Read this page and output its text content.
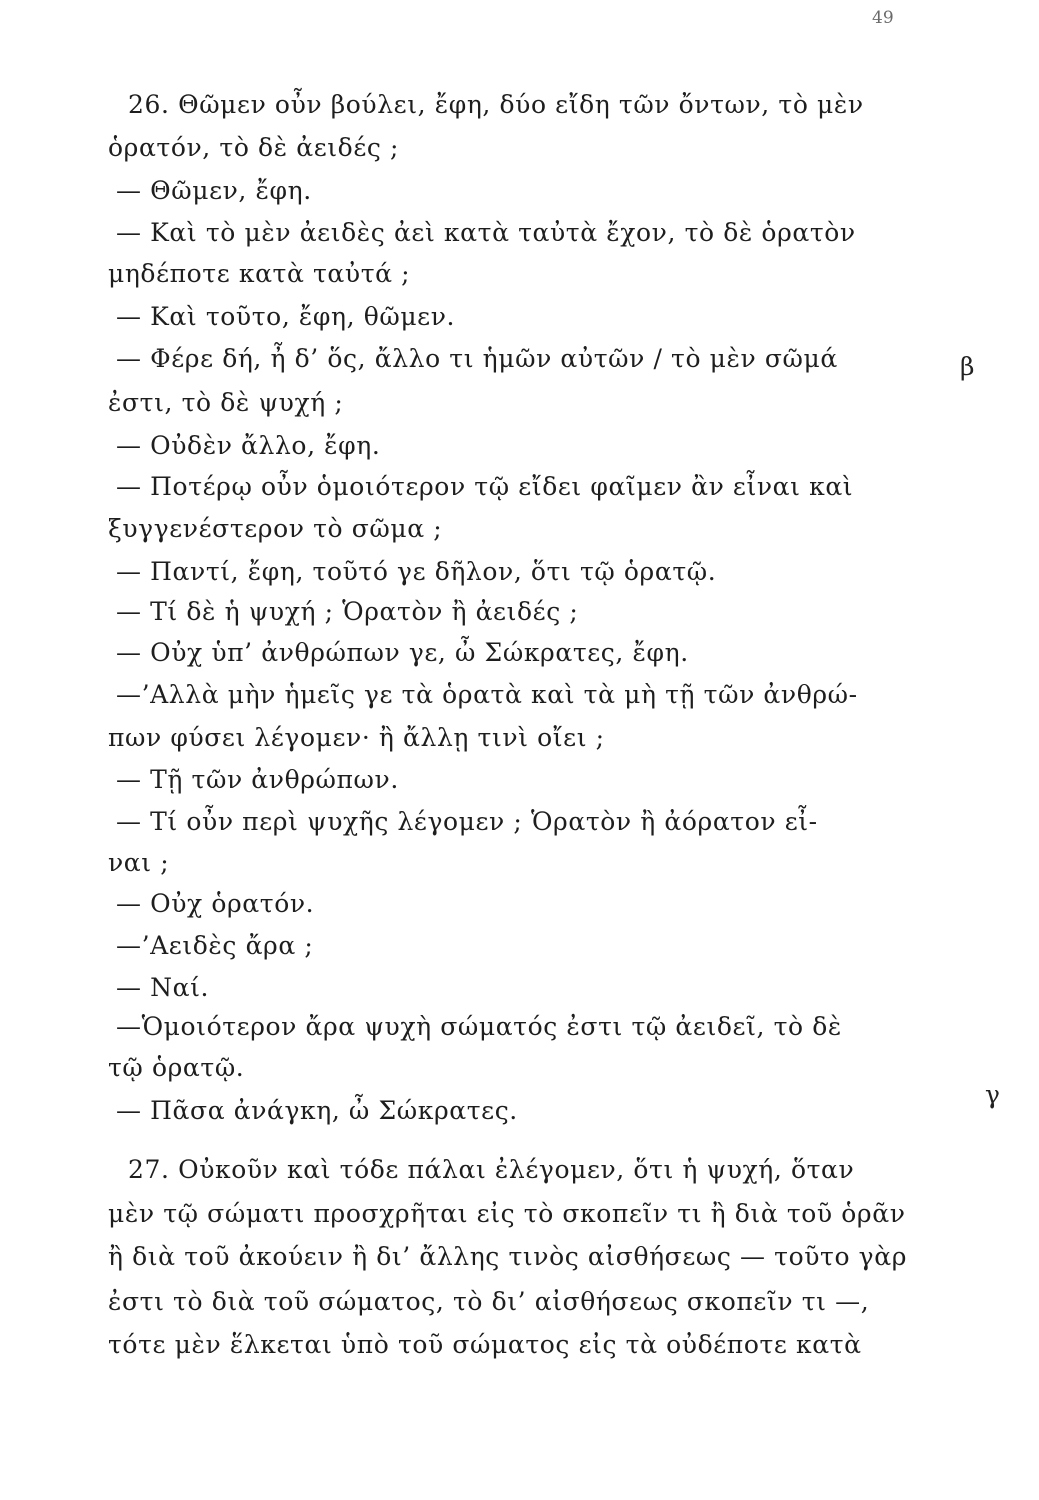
49
26. Θῶμεν οὖν βούλει, ἔφη, δύο εἴδη τῶν ὄντων, τὸ μὲν
ὁρατόν, τὸ δὲ ἀειδές ;
— Θῶμεν, ἔφη.
— Καὶ τὸ μὲν ἀειδὲς ἀεὶ κατὰ ταὐτὰ ἔχον, τὸ δὲ ὁρατὸν
μηδέποτε κατὰ ταὐτά ;
— Καὶ τοῦτο, ἔφη, θῶμεν.
— Φέρε δή, ἦ δ’ ὅς, ἄλλο τι ἡμῶν αὐτῶν / τὸ μὲν σῶμά
ἐστι, τὸ δὲ ψυχή ;
— Οὐδὲν ἄλλο, ἔφη.
— Ποτέρῳ οὖν ὁμοιότερον τῷ εἴδει φαῖμεν ἂν εἶναι καὶ
ξυγγενέστερον τὸ σῶμα ;
— Παντί, ἔφη, τοῦτό γε δῆλον, ὅτι τῷ ὁρατῷ.
— Τί δὲ ἡ ψυχή ; Ὁρατὸν ἢ ἀειδές ;
— Οὐχ ὑπ’ ἀνθρώπων γε, ὦ Σώκρατες, ἔφη.
—’Αλλὰ μὴν ἡμεῖς γε τὰ ὁρατὰ καὶ τὰ μὴ τῇ τῶν ἀνθρώ-
πων φύσει λέγομεν· ἢ ἄλλῃ τινὶ οἴει ;
— Τῇ τῶν ἀνθρώπων.
— Τί οὖν περὶ ψυχῆς λέγομεν ; Ὁρατὸν ἢ ἀόρατον εἶ-
ναι ;
— Οὐχ ὁρατόν.
—’Αειδὲς ἄρα ;
— Ναί.
—Ὁμοιότερον ἄρα ψυχὴ σώματός ἐστι τῷ ἀειδεῖ, τὸ δὲ
τῷ ὁρατῷ.
— Πᾶσα ἀνάγκη, ὦ Σώκρατες.
27. Οὐκοῦν καὶ τόδε πάλαι ἐλέγομεν, ὅτι ἡ ψυχή, ὅταν
μὲν τῷ σώματι προσχρῆται εἰς τὸ σκοπεῖν τι ἢ διὰ τοῦ ὁρᾶν
ἢ διὰ τοῦ ἀκούειν ἢ δι’ ἄλλης τινὸς αἰσθήσεως — τοῦτο γὰρ
ἐστι τὸ διὰ τοῦ σώματος, τὸ δι’ αἰσθήσεως σκοπεῖν τι —,
τότε μὲν ἕλκεται ὑπὸ τοῦ σώματος εἰς τὰ οὐδέποτε κατὰ
β
γ
